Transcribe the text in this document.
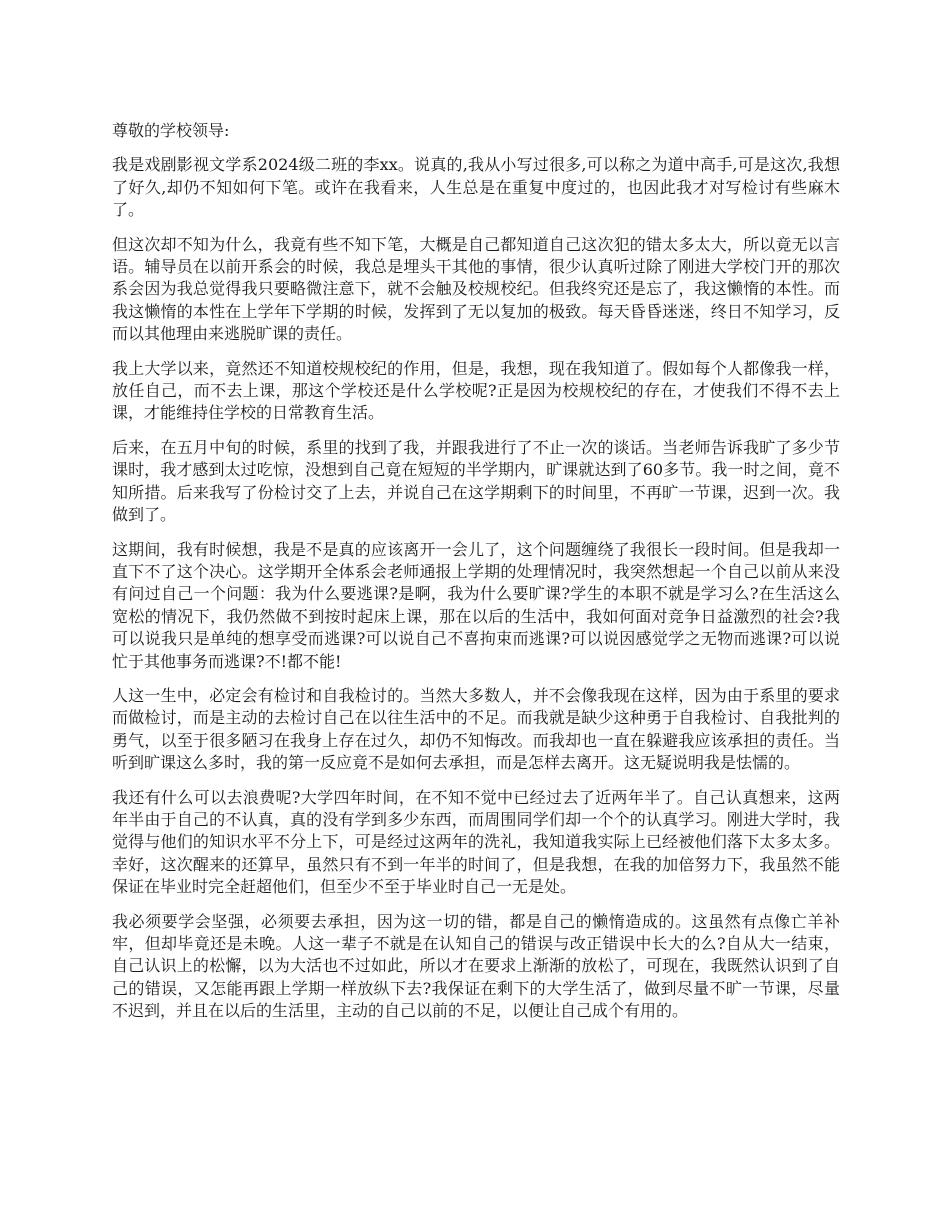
尊敬的学校领导:

我是戏剧影视文学系2024级二班的李xx。说真的,我从小写过很多,可以称之为道中高手,可是这次,我想了好久,却仍不知如何下笔。或许在我看来，人生总是在重复中度过的，也因此我才对写检讨有些麻木了。

但这次却不知为什么，我竟有些不知下笔，大概是自己都知道自己这次犯的错太多太大，所以竟无以言语。辅导员在以前开系会的时候，我总是埋头干其他的事情，很少认真听过除了刚进大学校门开的那次系会因为我总觉得我只要略微注意下，就不会触及校规校纪。但我终究还是忘了，我这懒惰的本性。而我这懒惰的本性在上学年下学期的时候，发挥到了无以复加的极致。每天昏昏迷迷，终日不知学习，反而以其他理由来逃脱旷课的责任。

我上大学以来，竟然还不知道校规校纪的作用，但是，我想，现在我知道了。假如每个人都像我一样，放任自己，而不去上课，那这个学校还是什么学校呢?正是因为校规校纪的存在，才使我们不得不去上课，才能维持住学校的日常教育生活。

后来，在五月中旬的时候，系里的找到了我，并跟我进行了不止一次的谈话。当老师告诉我旷了多少节课时，我才感到太过吃惊，没想到自己竟在短短的半学期内，旷课就达到了60多节。我一时之间，竟不知所措。后来我写了份检讨交了上去，并说自己在这学期剩下的时间里，不再旷一节课，迟到一次。我做到了。

这期间，我有时候想，我是不是真的应该离开一会儿了，这个问题缠绕了我很长一段时间。但是我却一直下不了这个决心。这学期开全体系会老师通报上学期的处理情况时，我突然想起一个自己以前从来没有问过自己一个问题：我为什么要逃课?是啊，我为什么要旷课?学生的本职不就是学习么?在生活这么宽松的情况下，我仍然做不到按时起床上课，那在以后的生活中，我如何面对竞争日益激烈的社会?我可以说我只是单纯的想享受而逃课?可以说自己不喜拘束而逃课?可以说因感觉学之无物而逃课?可以说忙于其他事务而逃课?不!都不能!

人这一生中，必定会有检讨和自我检讨的。当然大多数人，并不会像我现在这样，因为由于系里的要求而做检讨，而是主动的去检讨自己在以往生活中的不足。而我就是缺少这种勇于自我检讨、自我批判的勇气，以至于很多陋习在我身上存在过久，却仍不知悔改。而我却也一直在躲避我应该承担的责任。当听到旷课这么多时，我的第一反应竟不是如何去承担，而是怎样去离开。这无疑说明我是怯懦的。

我还有什么可以去浪费呢?大学四年时间，在不知不觉中已经过去了近两年半了。自己认真想来，这两年半由于自己的不认真，真的没有学到多少东西，而周围同学们却一个个的认真学习。刚进大学时，我觉得与他们的知识水平不分上下，可是经过这两年的洗礼，我知道我实际上已经被他们落下太多太多。幸好，这次醒来的还算早，虽然只有不到一年半的时间了，但是我想，在我的加倍努力下，我虽然不能保证在毕业时完全赶超他们，但至少不至于毕业时自己一无是处。

我必须要学会坚强，必须要去承担，因为这一切的错，都是自己的懒惰造成的。这虽然有点像亡羊补牢，但却毕竟还是未晚。人这一辈子不就是在认知自己的错误与改正错误中长大的么?自从大一结束，自己认识上的松懈，以为大活也不过如此，所以才在要求上渐渐的放松了，可现在，我既然认识到了自己的错误，又怎能再跟上学期一样放纵下去?我保证在剩下的大学生活了，做到尽量不旷一节课，尽量不迟到，并且在以后的生活里，主动的自己以前的不足，以便让自己成个有用的。
